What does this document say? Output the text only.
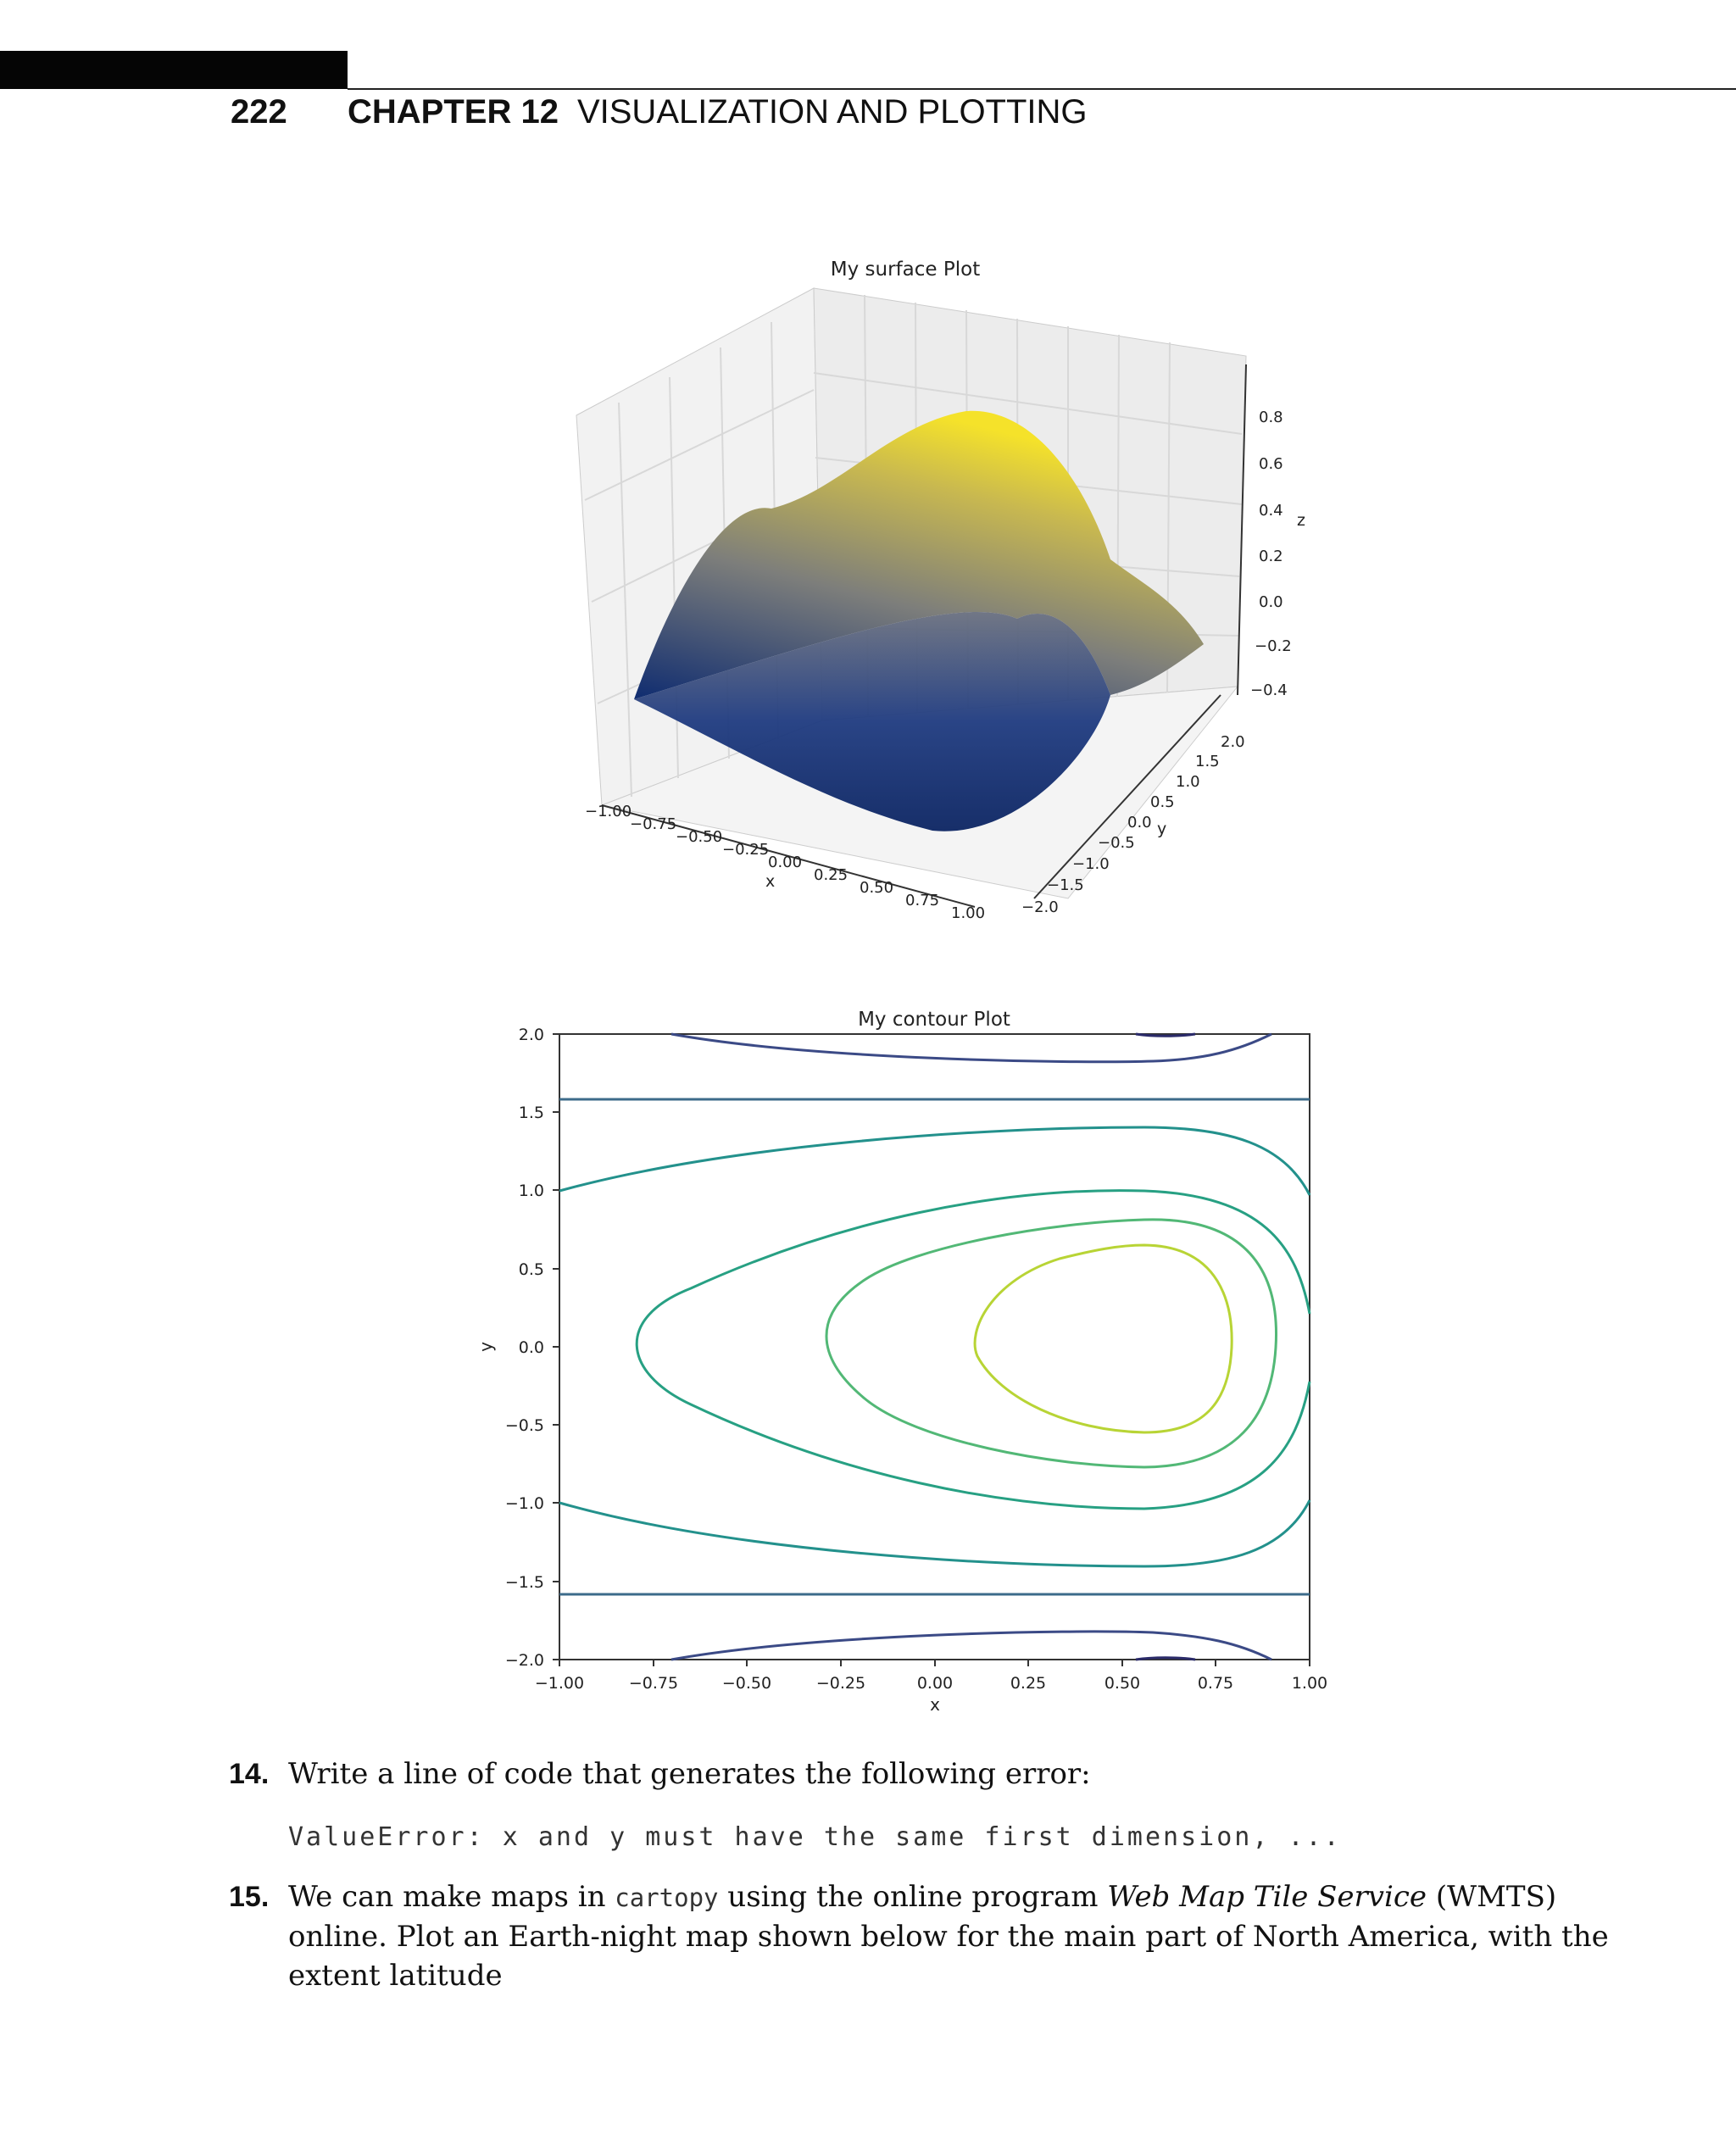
222	CHAPTER 12 VISUALIZATION AND PLOTTING
My surface Plot
0.8
0.6
0.4
0.2
0.0
−0.2
−0.4
z
−1.00
−0.75
−0.50
−0.25
0.00
0.25
0.50
0.75
1.00
x
−2.0
−1.5
−1.0
−0.5
0.0
0.5
1.0
1.5
2.0
y
My contour Plot
2.0
1.5
1.0
0.5
0.0
−0.5
−1.0
−1.5
−2.0
y
−1.00	−0.75	−0.50	−0.25	0.00	0.25	0.50	0.75	1.00
x
14. Write a line of code that generates the following error:
ValueError: x and y must have the same first dimension, ...
15. We can make maps in cartopy using the online program Web Map Tile Service (WMTS) online. Plot an Earth-night map shown below for the main part of North America, with the extent latitude
